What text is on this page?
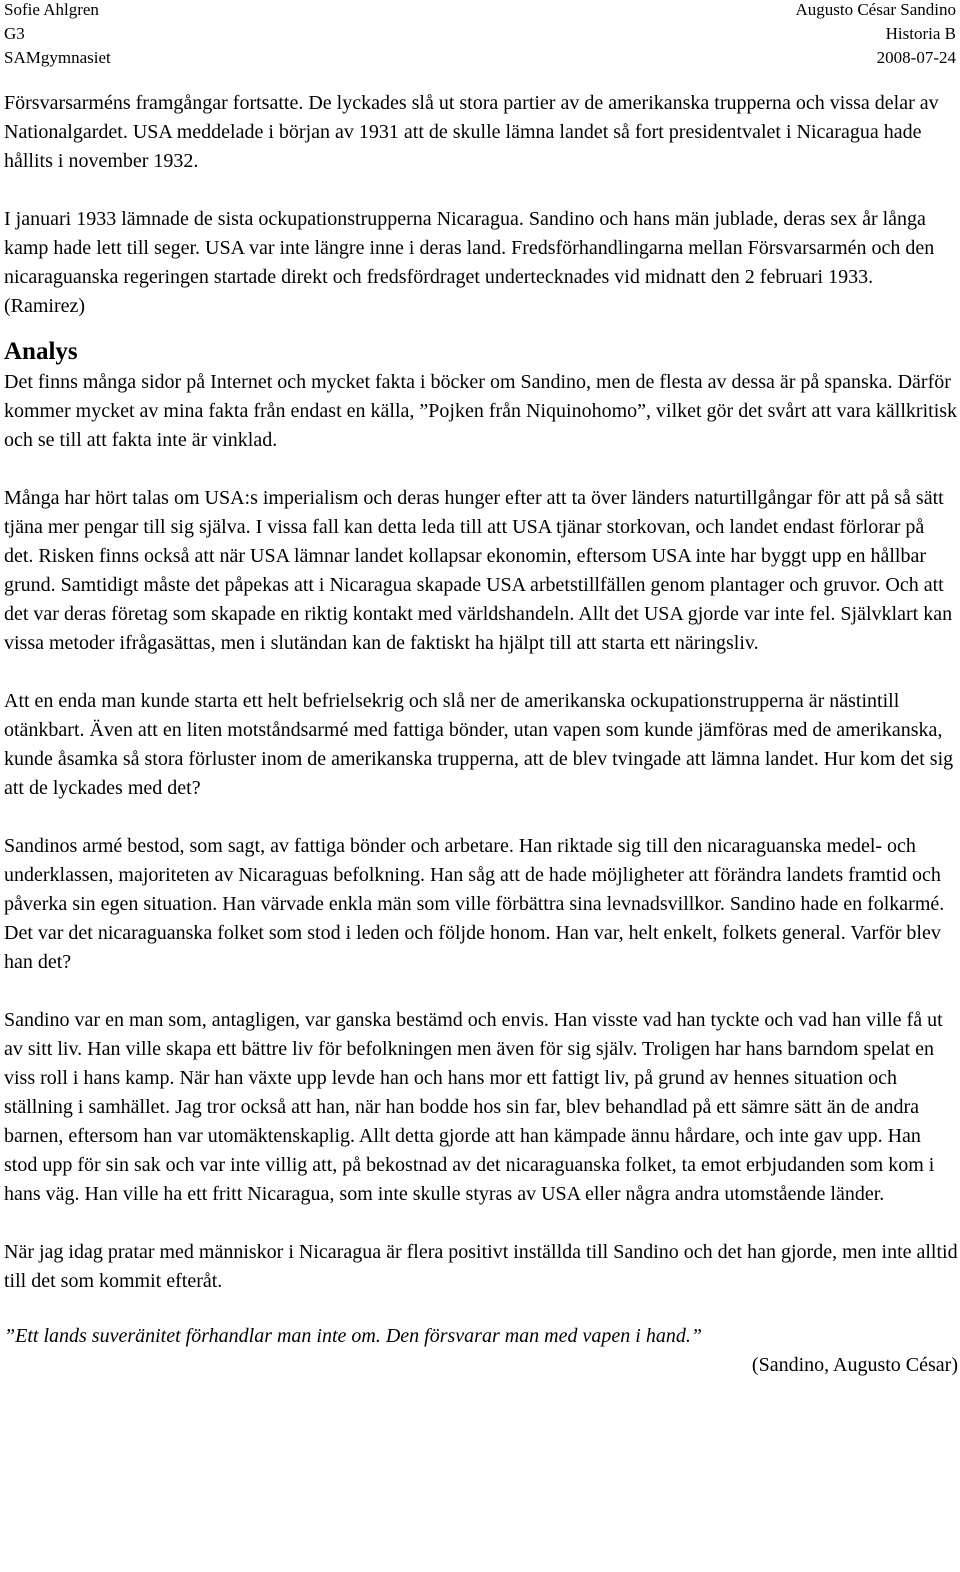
Sofie Ahlgren
G3
SAMgymnasiet
Augusto César Sandino
Historia B
2008-07-24

Försvarsarméns framgångar fortsatte. De lyckades slå ut stora partier av de amerikanska trupperna och vissa delar av Nationalgardet. USA meddelade i början av 1931 att de skulle lämna landet så fort presidentvalet i Nicaragua hade hållits i november 1932.

I januari 1933 lämnade de sista ockupationstrupperna Nicaragua. Sandino och hans män jublade, deras sex år långa kamp hade lett till seger. USA var inte längre inne i deras land. Fredsförhandlingarna mellan Försvarsarmén och den nicaraguanska regeringen startade direkt och fredsfördraget undertecknades vid midnatt den 2 februari 1933. (Ramirez)

Analys

Det finns många sidor på Internet och mycket fakta i böcker om Sandino, men de flesta av dessa är på spanska. Därför kommer mycket av mina fakta från endast en källa, ”Pojken från Niquinohomo”, vilket gör det svårt att vara källkritisk och se till att fakta inte är vinklad.

Många har hört talas om USA:s imperialism och deras hunger efter att ta över länders naturtillgångar för att på så sätt tjäna mer pengar till sig själva. I vissa fall kan detta leda till att USA tjänar storkovan, och landet endast förlorar på det. Risken finns också att när USA lämnar landet kollapsar ekonomin, eftersom USA inte har byggt upp en hållbar grund. Samtidigt måste det påpekas att i Nicaragua skapade USA arbetstillfällen genom plantager och gruvor. Och att det var deras företag som skapade en riktig kontakt med världshandeln. Allt det USA gjorde var inte fel. Självklart kan vissa metoder ifrågasättas, men i slutändan kan de faktiskt ha hjälpt till att starta ett näringsliv.

Att en enda man kunde starta ett helt befrielsekrig och slå ner de amerikanska ockupationstrupperna är nästintill otänkbart. Även att en liten motståndsarmé med fattiga bönder, utan vapen som kunde jämföras med de amerikanska, kunde åsamka så stora förluster inom de amerikanska trupperna, att de blev tvingade att lämna landet. Hur kom det sig att de lyckades med det?

Sandinos armé bestod, som sagt, av fattiga bönder och arbetare. Han riktade sig till den nicaraguanska medel- och underklassen, majoriteten av Nicaraguas befolkning. Han såg att de hade möjligheter att förändra landets framtid och påverka sin egen situation. Han värvade enkla män som ville förbättra sina levnadsvillkor. Sandino hade en folkarmé. Det var det nicaraguanska folket som stod i leden och följde honom. Han var, helt enkelt, folkets general. Varför blev han det?

Sandino var en man som, antagligen, var ganska bestämd och envis. Han visste vad han tyckte och vad han ville få ut av sitt liv. Han ville skapa ett bättre liv för befolkningen men även för sig själv. Troligen har hans barndom spelat en viss roll i hans kamp. När han växte upp levde han och hans mor ett fattigt liv, på grund av hennes situation och ställning i samhället. Jag tror också att han, när han bodde hos sin far, blev behandlad på ett sämre sätt än de andra barnen, eftersom han var utomäktenskaplig. Allt detta gjorde att han kämpade ännu hårdare, och inte gav upp. Han stod upp för sin sak och var inte villig att, på bekostnad av det nicaraguanska folket, ta emot erbjudanden som kom i hans väg. Han ville ha ett fritt Nicaragua, som inte skulle styras av USA eller några andra utomstående länder.

När jag idag pratar med människor i Nicaragua är flera positivt inställda till Sandino och det han gjorde, men inte alltid till det som kommit efteråt.

”Ett lands suveränitet förhandlar man inte om. Den försvarar man med vapen i hand.”

(Sandino, Augusto César)
